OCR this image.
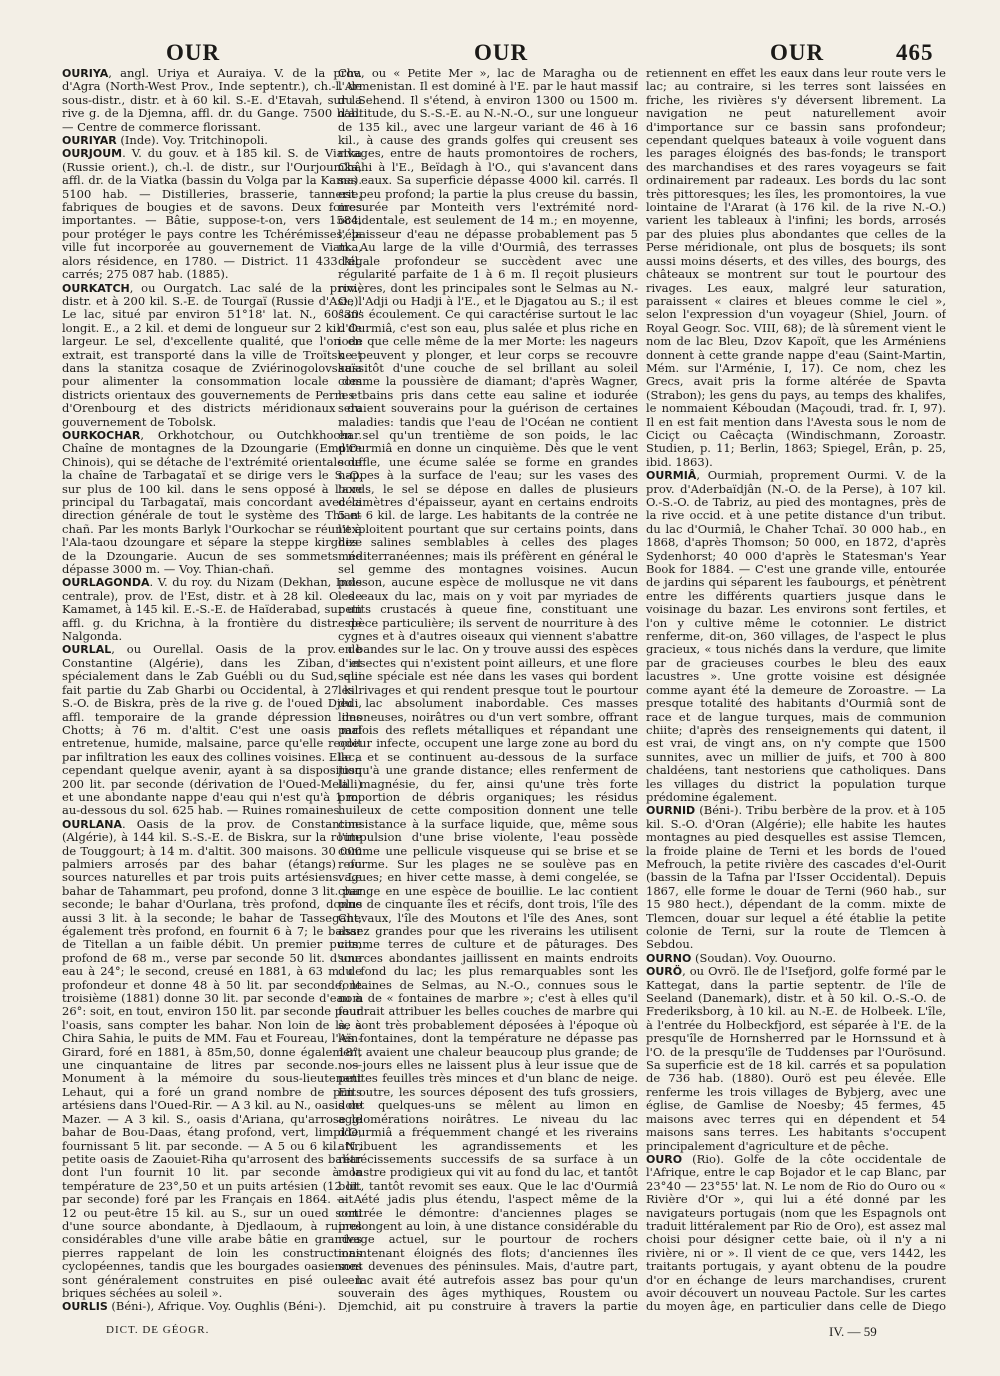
OUR	OUR	OUR	465

OURIYA, angl. Uriya et Auraiya. V. de la prov. d'Agra (North-West Prov., Inde septentr.), ch.-l. de sous-distr., distr. et à 60 kil. S.-E. d'Etavah, sur la rive g. de la Djemna, affl. dr. du Gange. 7500 hab. — Centre de commerce florissant.

OURIYAR (Inde). Voy. Tritchinopoli.

OURJOUM. V. du gouv. et à 185 kil. S. de Viatka (Russie orient.), ch.-l. de distr., sur l'Ourjoumka, affl. dr. de la Viatka (bassin du Volga par la Kama). 5100 hab. — Distilleries, brasserie, tannerie, fabriques de bougies et de savons. Deux foires importantes. — Bâtie, suppose-t-on, vers 1584, pour protéger le pays contre les Tchérémisses, la ville fut incorporée au gouvernement de Viatka, alors résidence, en 1780. — District. 11 433 kil. carrés; 275 087 hab. (1885).

OURKATCH, ou Ourgatch. Lac salé de la prov., distr. et à 200 kil. S.-E. de Tourgaï (Russie d'Asie). Le lac, situé par environ 51°18' lat. N., 60°30' longit. E., a 2 kil. et demi de longueur sur 2 kil. de largeur. Le sel, d'excellente qualité, que l'on en extrait, est transporté dans la ville de Troïtsk et dans la stanitza cosaque de Zviérinogolovskaïa pour alimenter la consommation locale des districts orientaux des gouvernements de Perm et d'Orenbourg et des districts méridionaux du gouvernement de Tobolsk.

OURKOCHAR, Orkhotchour, ou Outchkhochar. Chaîne de montagnes de la Dzoungarie (Empire Chinois), qui se détache de l'extrémité orientale de la chaîne de Tarbagataï et se dirige vers le S.-O. sur plus de 100 kil. dans le sens opposé à l'axe principal du Tarbagataï, mais concordant avec la direction générale de tout le système des Thian-chañ. Par les monts Barlyk l'Ourkochar se réunit à l'Ala-taou dzoungare et sépare la steppe kirghize de la Dzoungarie. Aucun de ses sommets ne dépasse 3000 m. — Voy. Thian-chañ.

OURLAGONDA. V. du roy. du Nizam (Dekhan, Inde centrale), prov. de l'Est, distr. et à 28 kil. O. de Kamamet, à 145 kil. E.-S.-E. de Haïderabad, sur un affl. g. du Krichna, à la frontière du distr. de Nalgonda.

OURLAL, ou Ourellal. Oasis de la prov. de Constantine (Algérie), dans les Ziban, et spécialement dans le Zab Guébli ou du Sud, qui fait partie du Zab Gharbi ou Occidental, à 27 kil. S.-O. de Biskra, près de la rive g. de l'oued Djedi, affl. temporaire de la grande dépression des Chotts; à 76 m. d'altit. C'est une oasis mal entretenue, humide, malsaine, parce qu'elle reçoit par infiltration les eaux des collines voisines. Elle a cependant quelque avenir, ayant à sa disposition 200 lit. par seconde (dérivation de l'Oued-Melilli) et une abondante nappe d'eau qui n'est qu'à 1 m. au-dessous du sol. 625 hab. — Ruines romaines.

OURLANA. Oasis de la prov. de Constantine (Algérie), à 144 kil. S.-S.-E. de Biskra, sur la route de Touggourt; à 14 m. d'altit. 300 maisons. 30 000 palmiers arrosés par des bahar (étangs) ou sources naturelles et par trois puits artésiens. Le bahar de Tahammart, peu profond, donne 3 lit. par seconde; le bahar d'Ourlana, très profond, donne aussi 3 lit. à la seconde; le bahar de Tassegant, également très profond, en fournit 6 à 7; le bahar de Titellan a un faible débit. Un premier puits, profond de 68 m., verse par seconde 50 lit. d'une eau à 24°; le second, creusé en 1881, à 63 m. de profondeur et donne 48 à 50 lit. par seconde; le troisième (1881) donne 30 lit. par seconde d'eau à 26°: soit, en tout, environ 150 lit. par seconde pour l'oasis, sans compter les bahar. Non loin de là, à Chira Sahia, le puits de MM. Fau et Foureau, l'Aïn-Girard, foré en 1881, à 85m,50, donne également une cinquantaine de litres par seconde. — Monument à la mémoire du sous-lieutenant Lehaut, qui a foré un grand nombre de puits artésiens dans l'Oued-Rir. — A 3 kil. au N., oasis de Mazer. — A 3 kil. S., oasis d'Ariana, qu'arrose le bahar de Bou-Daas, étang profond, vert, limpide, fournissant 5 lit. par seconde. — A 5 ou 6 kil. N., petite oasis de Zaouiet-Riha qu'arrosent des bahar dont l'un fournit 10 lit. par seconde à la température de 23°,50 et un puits artésien (12 lit. par seconde) foré par les Français en 1864. — A 12 ou peut-être 15 kil. au S., sur un oued sorti d'une source abondante, à Djedlaoum, à ruines considérables d'une ville arabe bâtie en grandes pierres rappelant de loin les constructions cyclopéennes, tandis que les bourgades oasiennes sont généralement construites en pisé ou en briques séchées au soleil ».

OURLIS (Béni-), Afrique. Voy. Oughlis (Béni-).

Cha, ou « Petite Mer », lac de Maragha ou de l'Armenistan. Il est dominé à l'E. par le haut massif du Sehend. Il s'étend, à environ 1300 ou 1500 m. d'altitude, du S.-S.-E. au N.-N.-O., sur une longueur de 135 kil., avec une largeur variant de 46 à 16 kil., à cause des grands golfes qui creusent ses rivages, entre de hauts promontoires de rochers, Châhi à l'E., Beïdagh à l'O., qui s'avancent dans ses eaux. Sa superficie dépasse 4000 kil. carrés. Il est peu profond; la partie la plus creuse du bassin, mesurée par Monteith vers l'extrémité nord-occidentale, est seulement de 14 m.; en moyenne, l'épaisseur d'eau ne dépasse probablement pas 5 m. Au large de la ville d'Ourmiâ, des terrasses d'égale profondeur se succèdent avec une régularité parfaite de 1 à 6 m. Il reçoit plusieurs rivières, dont les principales sont le Selmas au N.-O., l'Adji ou Hadji à l'E., et le Djagatou au S.; il est sans écoulement. Ce qui caractérise surtout le lac d'Ourmiâ, c'est son eau, plus salée et plus riche en iode que celle même de la mer Morte: les nageurs ne peuvent y plonger, et leur corps se recouvre aussitôt d'une couche de sel brillant au soleil comme la poussière de diamant; d'après Wagner, les bains pris dans cette eau saline et iodurée seraient souverains pour la guérison de certaines maladies: tandis que l'eau de l'Océan ne contient en sel qu'un trentième de son poids, le lac d'Ourmiâ en donne un cinquième. Dès que le vent souffle, une écume salée se forme en grandes nappes à la surface de l'eau; sur les vases des bords, le sel se dépose en dalles de plusieurs décimètres d'épaisseur, ayant en certains endroits 5 et 6 kil. de large. Les habitants de la contrée ne l'exploitent pourtant que sur certains points, dans des salines semblables à celles des plages méditerranéennes; mais ils préfèrent en général le sel gemme des montagnes voisines. Aucun poisson, aucune espèce de mollusque ne vit dans les eaux du lac, mais on y voit par myriades de petits crustacés à queue fine, constituant une espèce particulière; ils servent de nourriture à des cygnes et à d'autres oiseaux qui viennent s'abattre en bandes sur le lac. On y trouve aussi des espèces d'insectes qui n'existent point ailleurs, et une flore saline spéciale est née dans les vases qui bordent les rivages et qui rendent presque tout le pourtour du lac absolument inabordable. Ces masses limoneuses, noirâtres ou d'un vert sombre, offrant parfois des reflets métalliques et répandant une odeur infecte, occupent une large zone au bord du lac, et se continuent au-dessous de la surface jusqu'à une grande distance; elles renferment de la magnésie, du fer, ainsi qu'une très forte proportion de débris organiques; les résidus huileux de cette composition donnent une telle consistance à la surface liquide, que, même sous l'impulsion d'une brise violente, l'eau possède comme une pellicule visqueuse qui se brise et se reforme. Sur les plages ne se soulève pas en vagues; en hiver cette masse, à demi congelée, se change en une espèce de bouillie. Le lac contient plus de cinquante îles et récifs, dont trois, l'île des Chevaux, l'île des Moutons et l'île des Anes, sont assez grandes pour que les riverains les utilisent comme terres de culture et de pâturages. Des sources abondantes jaillissent en maints endroits du fond du lac; les plus remarquables sont les fontaines de Selmas, au N.-O., connues sous le nom de « fontaines de marbre »; c'est à elles qu'il faudrait attribuer les belles couches de marbre qui se sont très probablement déposées à l'époque où les fontaines, dont la température ne dépasse pas 18°, avaient une chaleur beaucoup plus grande; de nos jours elles ne laissent plus à leur issue que de petites feuilles très minces et d'un blanc de neige. En outre, les sources déposent des tufs grossiers, dont quelques-uns se mêlent au limon en agglomérations noirâtres. Le niveau du lac d'Ourmiâ a fréquemment changé et les riverains attribuent les agrandissements et les rétrécissements successifs de sa surface à un monstre prodigieux qui vit au fond du lac, et tantôt boit, tantôt revomit ses eaux. Que le lac d'Ourmiâ ait été jadis plus étendu, l'aspect même de la contrée le démontre: d'anciennes plages se prolongent au loin, à une distance considérable du rivage actuel, sur le pourtour de rochers maintenant éloignés des flots; d'anciennes îles sont devenues des péninsules. Mais, d'autre part, le lac avait été autrefois assez bas pour qu'un souverain des âges mythiques, Roustem ou Djemchid, ait pu construire à travers la partie

retiennent en effet les eaux dans leur route vers le lac; au contraire, si les terres sont laissées en friche, les rivières s'y déversent librement. La navigation ne peut naturellement avoir d'importance sur ce bassin sans profondeur; cependant quelques bateaux à voile voguent dans les parages éloignés des bas-fonds; le transport des marchandises et des rares voyageurs se fait ordinairement par radeaux. Les bords du lac sont très pittoresques; les îles, les promontoires, la vue lointaine de l'Ararat (à 176 kil. de la rive N.-O.) varient les tableaux à l'infini; les bords, arrosés par des pluies plus abondantes que celles de la Perse méridionale, ont plus de bosquets; ils sont aussi moins déserts, et des villes, des bourgs, des châteaux se montrent sur tout le pourtour des rivages. Les eaux, malgré leur saturation, paraissent « claires et bleues comme le ciel », selon l'expression d'un voyageur (Shiel, Journ. of Royal Geogr. Soc. VIII, 68); de là sûrement vient le nom de lac Bleu, Dzov Kapoït, que les Arméniens donnent à cette grande nappe d'eau (Saint-Martin, Mém. sur l'Arménie, I, 17). Ce nom, chez les Grecs, avait pris la forme altérée de Spavta (Strabon); les gens du pays, au temps des khalifes, le nommaient Kéboudan (Maçoudi, trad. fr. I, 97). Il en est fait mention dans l'Avesta sous le nom de Ciciçt ou Caêcaçta (Windischmann, Zoroastr. Studien, p. 11; Berlin, 1863; Spiegel, Erân, p. 25, ibid. 1863).

OURMIÂ, Ourmiah, proprement Ourmi. V. de la prov. d'Aderbaïdjân (N.-O. de la Perse), à 107 kil. O.-S.-O. de Tabriz, au pied des montagnes, près de la rive occid. et à une petite distance d'un tribut. du lac d'Ourmiâ, le Chaher Tchaï. 30 000 hab., en 1868, d'après Thomson; 50 000, en 1872, d'après Sydenhorst; 40 000 d'après le Statesman's Year Book for 1884. — C'est une grande ville, entourée de jardins qui séparent les faubourgs, et pénètrent entre les différents quartiers jusque dans le voisinage du bazar. Les environs sont fertiles, et l'on y cultive même le cotonnier. Le district renferme, dit-on, 360 villages, de l'aspect le plus gracieux, « tous nichés dans la verdure, que limite par de gracieuses courbes le bleu des eaux lacustres ». Une grotte voisine est désignée comme ayant été la demeure de Zoroastre. — La presque totalité des habitants d'Ourmiâ sont de race et de langue turques, mais de communion chiite; d'après des renseignements qui datent, il est vrai, de vingt ans, on n'y compte que 1500 sunnites, avec un millier de juifs, et 700 à 800 chaldéens, tant nestoriens que catholiques. Dans les villages du district la population turque prédomine également.

OURNID (Béni-). Tribu berbère de la prov. et à 105 kil. S.-O. d'Oran (Algérie); elle habite les hautes montagnes au pied desquelles est assise Tlemcen, la froide plaine de Terni et les bords de l'oued Mefrouch, la petite rivière des cascades d'el-Ourit (bassin de la Tafna par l'Isser Occidental). Depuis 1867, elle forme le douar de Terni (960 hab., sur 15 980 hect.), dépendant de la comm. mixte de Tlemcen, douar sur lequel a été établie la petite colonie de Terni, sur la route de Tlemcen à Sebdou.

OURNO (Soudan). Voy. Ouourno.

OURÖ, ou Ovrö. Ile de l'Isefjord, golfe formé par le Kattegat, dans la partie septentr. de l'île de Seeland (Danemark), distr. et à 50 kil. O.-S.-O. de Frederiksborg, à 10 kil. au N.-E. de Holbeek. L'île, à l'entrée du Holbeckfjord, est séparée à l'E. de la presqu'île de Hornsherred par le Hornssund et à l'O. de la presqu'île de Tuddenses par l'Ourösund. Sa superficie est de 18 kil. carrés et sa population de 736 hab. (1880). Ourö est peu élevée. Elle renferme les trois villages de Bybjerg, avec une église, de Gamlise de Noesby; 45 fermes, 45 maisons avec terres qui en dépendent et 54 maisons sans terres. Les habitants s'occupent principalement d'agriculture et de pêche.

OURO (Rio). Golfe de la côte occidentale de l'Afrique, entre le cap Bojador et le cap Blanc, par 23°40 — 23°55' lat. N. Le nom de Rio do Ouro ou « Rivière d'Or », qui lui a été donné par les navigateurs portugais (nom que les Espagnols ont traduit littéralement par Rio de Oro), est assez mal choisi pour désigner cette baie, où il n'y a ni rivière, ni or ». Il vient de ce que, vers 1442, les traitants portugais, y ayant obtenu de la poudre d'or en échange de leurs marchandises, crurent avoir découvert un nouveau Pactole. Sur les cartes du moyen âge, en particulier dans celle de Diego

DICT. DE GÉOGR.	IV. — 59
